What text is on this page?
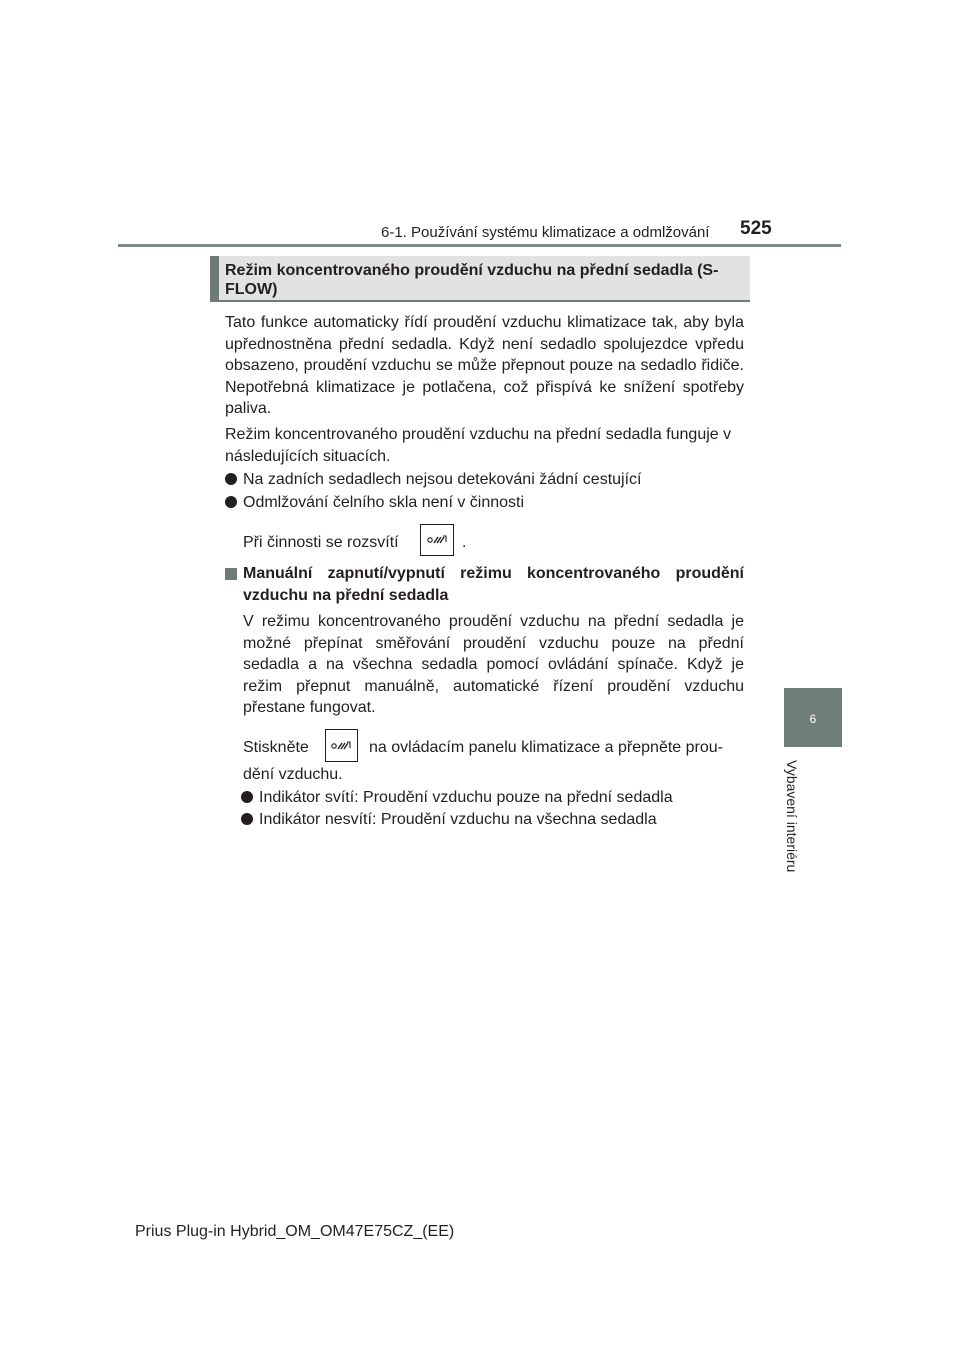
6-1. Používání systému klimatizace a odmlžování 525
6
Vybavení interiéru
Režim koncentrovaného proudění vzduchu na přední sedadla (S-FLOW)

Tato funkce automaticky řídí proudění vzduchu klimatizace tak, aby byla upřednostněna přední sedadla. Když není sedadlo spolujezdce vpředu obsazeno, proudění vzduchu se může přepnout pouze na sedadlo řidiče. Nepotřebná klimatizace je potlačena, což přispívá ke snížení spotřeby paliva.

Režim koncentrovaného proudění vzduchu na přední sedadla funguje v následujících situacích.

Na zadních sedadlech nejsou detekováni žádní cestující
Odmlžování čelního skla není v činnosti
Při činnosti se rozsvítí	.
Manuální zapnutí/vypnutí režimu koncentrovaného proudění vzduchu na přední sedadla

V režimu koncentrovaného proudění vzduchu na přední sedadla je možné přepínat směřování proudění vzduchu pouze na přední sedadla a na všechna sedadla pomocí ovládání spínače. Když je režim přepnut manuálně, automatické řízení proudění vzduchu přestane fungovat.

Stiskněte	na ovládacím panelu klimatizace a přepněte prou-
dění vzduchu.
Indikátor svítí: Proudění vzduchu pouze na přední sedadla
Indikátor nesvítí: Proudění vzduchu na všechna sedadla
Prius Plug-in Hybrid_OM_OM47E75CZ_(EE)
